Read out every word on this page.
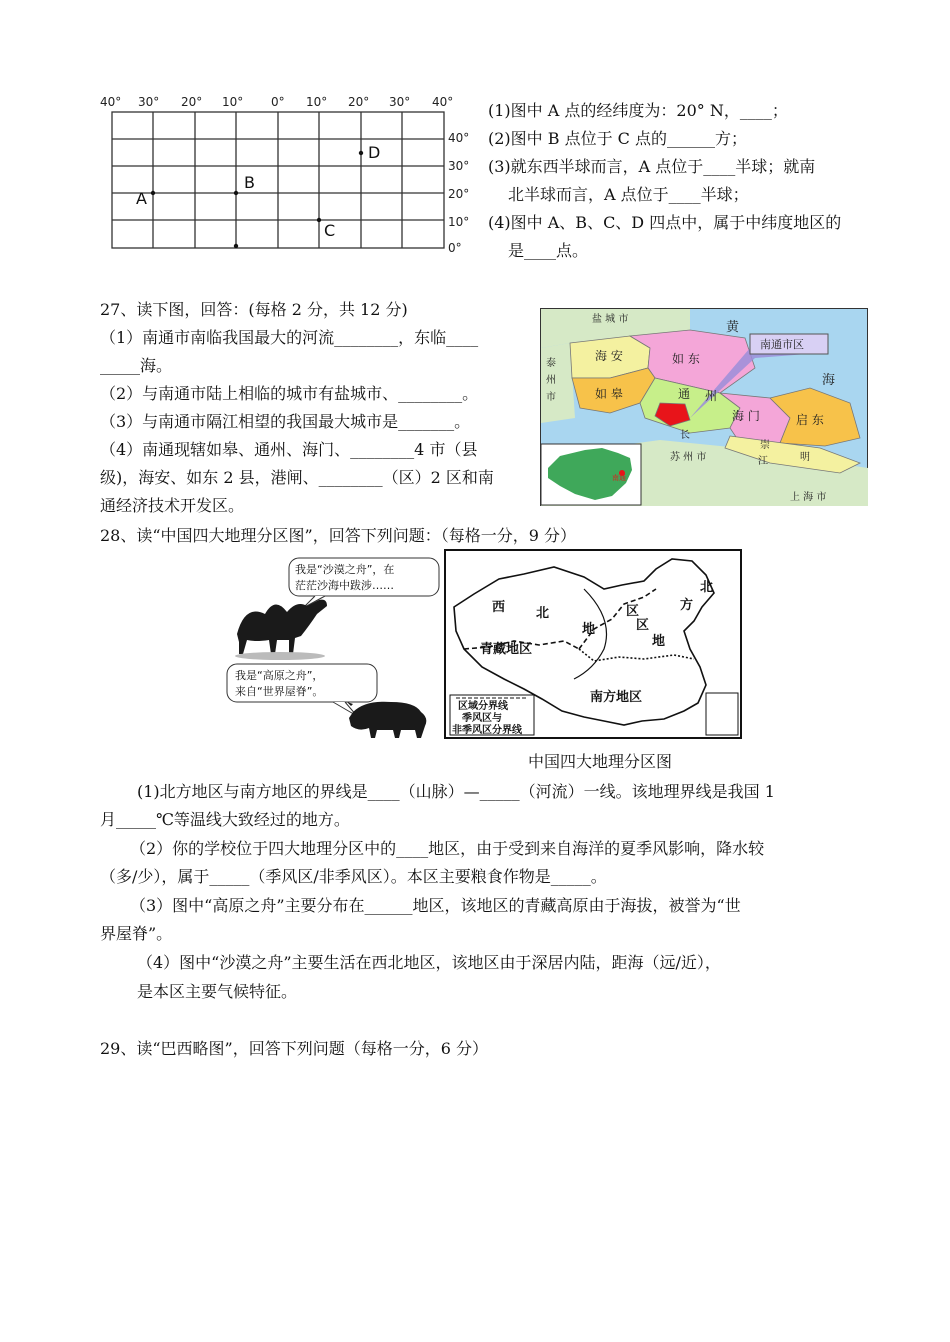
40° 30° 20° 10° 0° 10° 20° 30° 40°
40°
30°
20°
10°
0°
A
B
C
D
(1)图中 A 点的经纬度为：20° N，____；
(2)图中 B 点位于 C 点的______方；
(3)就东西半球而言，A 点位于____半球；就南
北半球而言，A 点位于____半球；
(4)图中 A、B、C、D 四点中，属于中纬度地区的
是____点。
27、读下图，回答：(每格 2 分，共 12 分)
（1）南通市南临我国最大的河流________，东临____
_____海。
（2）与南通市陆上相临的城市有盐城市、________。
（3）与南通市隔江相望的我国最大城市是_______。
（4）南通现辖如皋、通州、海门、________4 市（县
级)，海安、如东 2 县，港闸、________（区）2 区和南
通经济技术开发区。
盐 城 市
海 安	如 东
如 皋	通 州
海 门	启 东
崇
明
江
长
苏 州 市
上 海 市
泰
州
市
南通市区
黄
海
南通
28、读“中国四大地理分区图”，回答下列问题：（每格一分，9 分）
我是“沙漠之舟”，在
茫茫沙海中跋涉……
我是“高原之舟”，
来自“世界屋脊”。
西 北
地
区
北
方
区
地
青藏地区
南方地区
区域分界线
季风区与
非季风区分界线
中国四大地理分区图
(1)北方地区与南方地区的界线是____（山脉）—_____（河流）一线。该地理界线是我国 1
月_____℃等温线大致经过的地方。
（2）你的学校位于四大地理分区中的____地区，由于受到来自海洋的夏季风影响，降水较
（多/少），属于_____（季风区/非季风区）。本区主要粮食作物是_____。
（3）图中“高原之舟”主要分布在______地区，该地区的青藏高原由于海拔，被誉为“世
界屋脊”。
（4）图中“沙漠之舟”主要生活在西北地区，该地区由于深居内陆，距海（远/近），
是本区主要气候特征。
29、读“巴西略图”，回答下列问题（每格一分，6 分）
